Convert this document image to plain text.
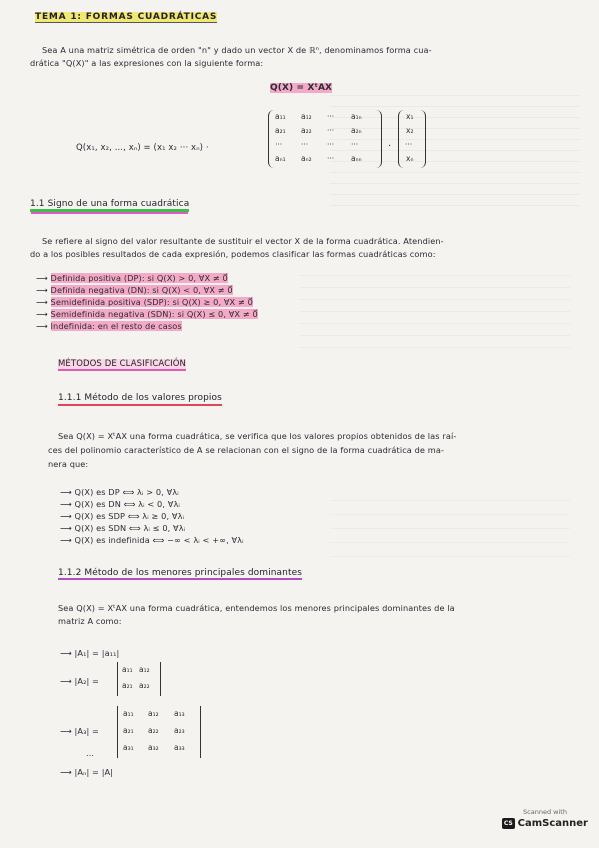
TEMA 1: FORMAS CUADRÁTICAS
Sea A una matriz simétrica de orden "n" y dado un vector X de ℝⁿ, denominamos forma cua-
drática "Q(X)" a las expresiones con la siguiente forma:
Q(X) = XᵗAX
Q(x₁, x₂, ..., xₙ) = (x₁ x₂ ··· xₙ) ·
a₁₁ a₁₂ ··· a₁ₙ
a₂₁ a₂₂ ··· a₂ₙ
···	···	··· ···
aₙ₁ aₙ₂ ··· aₙₙ
·
x₁
x₂
···
xₙ
1.1 Signo de una forma cuadrática
Se refiere al signo del valor resultante de sustituir el vector X de la forma cuadrática. Atendien-
do a los posibles resultados de cada expresión, podemos clasificar las formas cuadráticas como:
⟶ Definida positiva (DP): si Q(X) > 0, ∀X ≠ 0⃗
⟶ Definida negativa (DN): si Q(X) < 0, ∀X ≠ 0⃗
⟶ Semidefinida positiva (SDP): si Q(X) ≥ 0, ∀X ≠ 0⃗
⟶ Semidefinida negativa (SDN): si Q(X) ≤ 0, ∀X ≠ 0⃗
⟶ Indefinida: en el resto de casos
MÉTODOS DE CLASIFICACIÓN
1.1.1 Método de los valores propios
Sea Q(X) = XᵗAX una forma cuadrática, se verifica que los valores propios obtenidos de las raí-
ces del polinomio característico de A se relacionan con el signo de la forma cuadrática de ma-
nera que:
⟶ Q(X) es DP ⟺ λᵢ > 0, ∀λᵢ
⟶ Q(X) es DN ⟺ λᵢ < 0, ∀λᵢ
⟶ Q(X) es SDP ⟺ λᵢ ≥ 0, ∀λᵢ
⟶ Q(X) es SDN ⟺ λᵢ ≤ 0, ∀λᵢ
⟶ Q(X) es indefinida ⟺ −∞ < λᵢ < +∞, ∀λᵢ
1.1.2 Método de los menores principales dominantes
Sea Q(X) = XᵗAX una forma cuadrática, entendemos los menores principales dominantes de la
matriz A como:
⟶ |A₁| = |a₁₁|
⟶ |A₂| =
a₁₁ a₁₂
a₂₁ a₂₂
⟶ |A₃| =
a₁₁ a₁₂ a₁₃
a₂₁ a₂₂ a₂₃
a₃₁ a₃₂ a₃₃
...
⟶ |Aₙ| = |A|
Scanned with
CS CamScanner
